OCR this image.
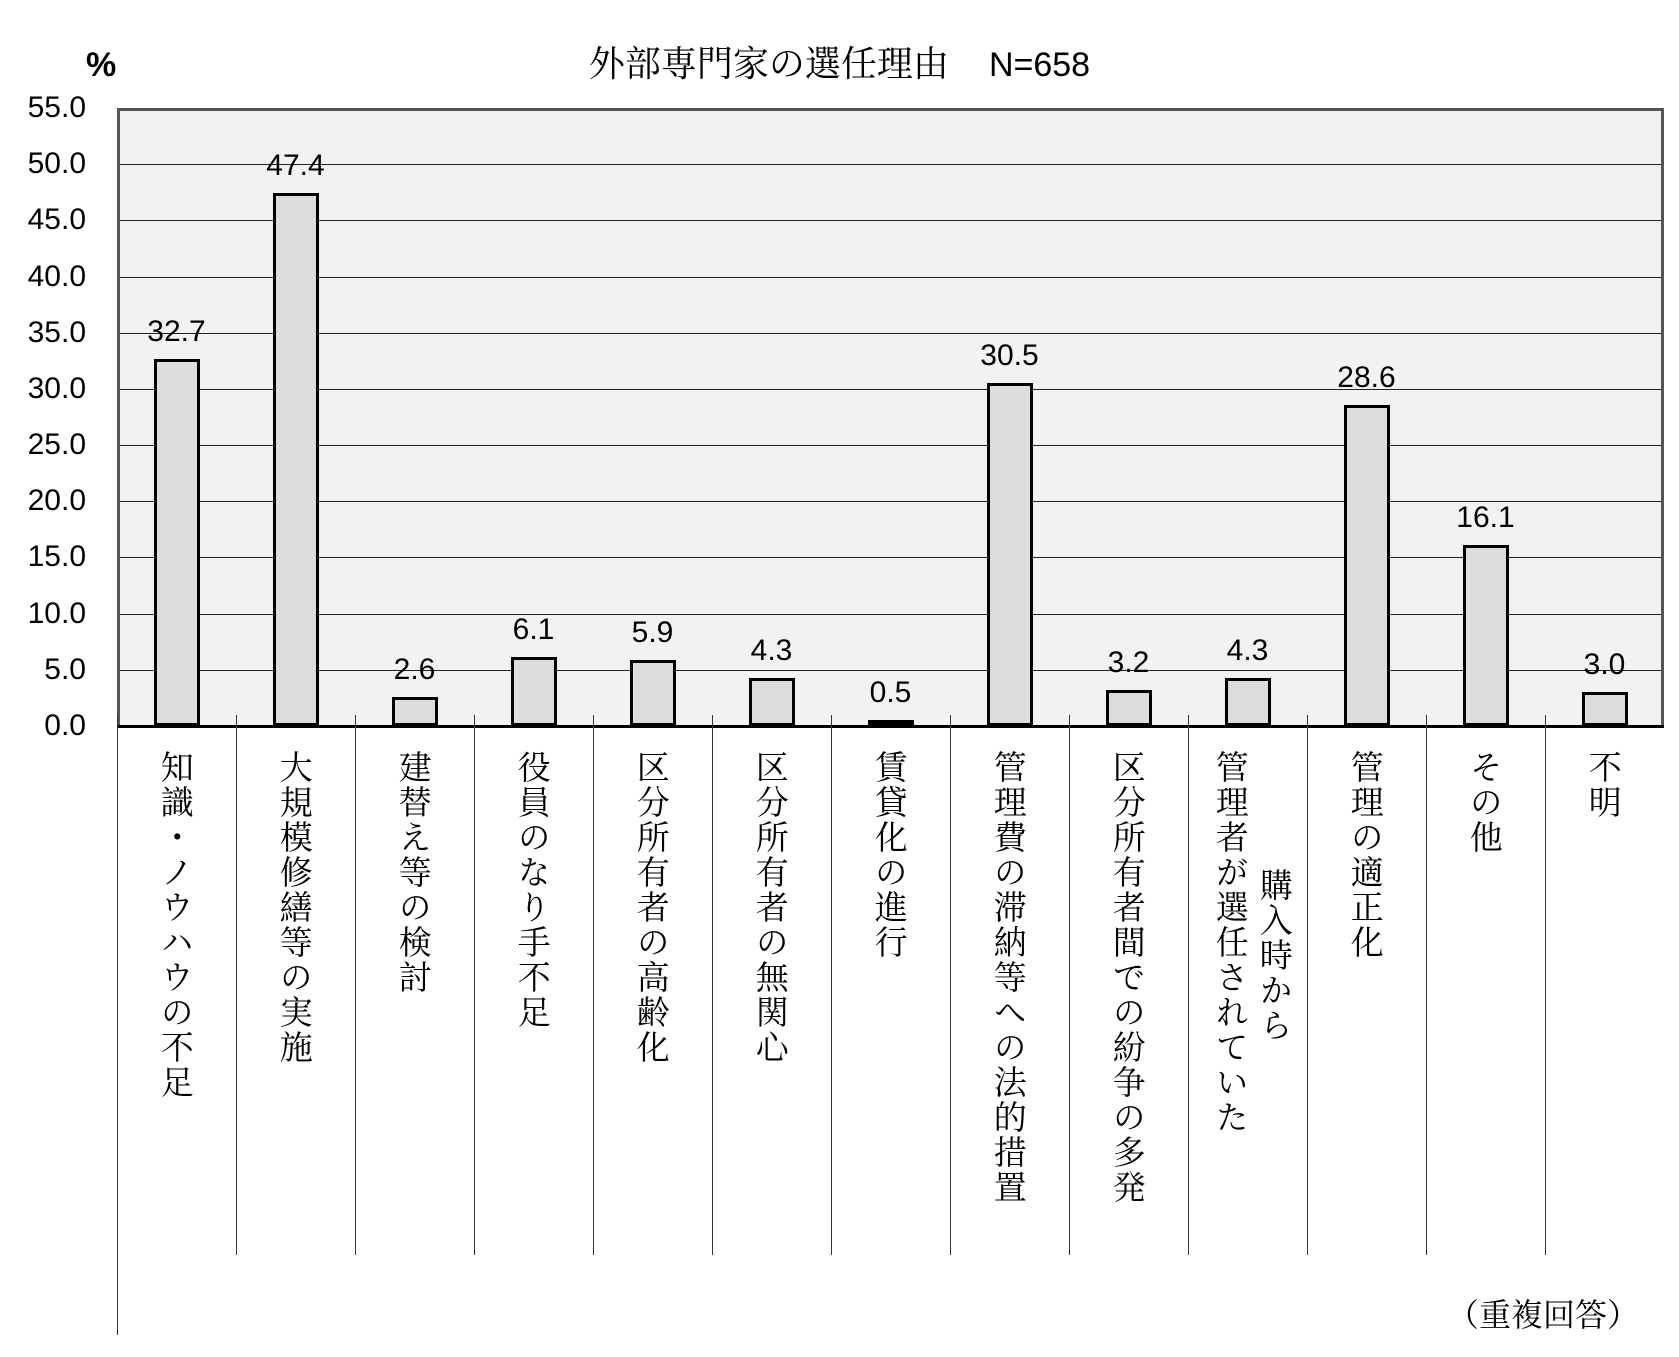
外部専門家の選任理由 N=658
%
55.0
50.0
45.0
40.0
35.0
30.0
25.0
20.0
15.0
10.0
5.0
0.0
知識・ノウハウの不足 大規模修繕等の実施 建替え等の検討 役員のなり手不足 区分所有者の高齢化 区分所有者の無関心 賃貸化の進行 管理費の滞納等への法的措置 区分所有者間での紛争の多発	購入時から
管理者が選任されていた	管理の適正化 その他 不明
（重複回答）
32.7
47.4
2.6
6.1	5.9
4.3
0.5
30.5
3.2	4.3
28.6
16.1
3.0
